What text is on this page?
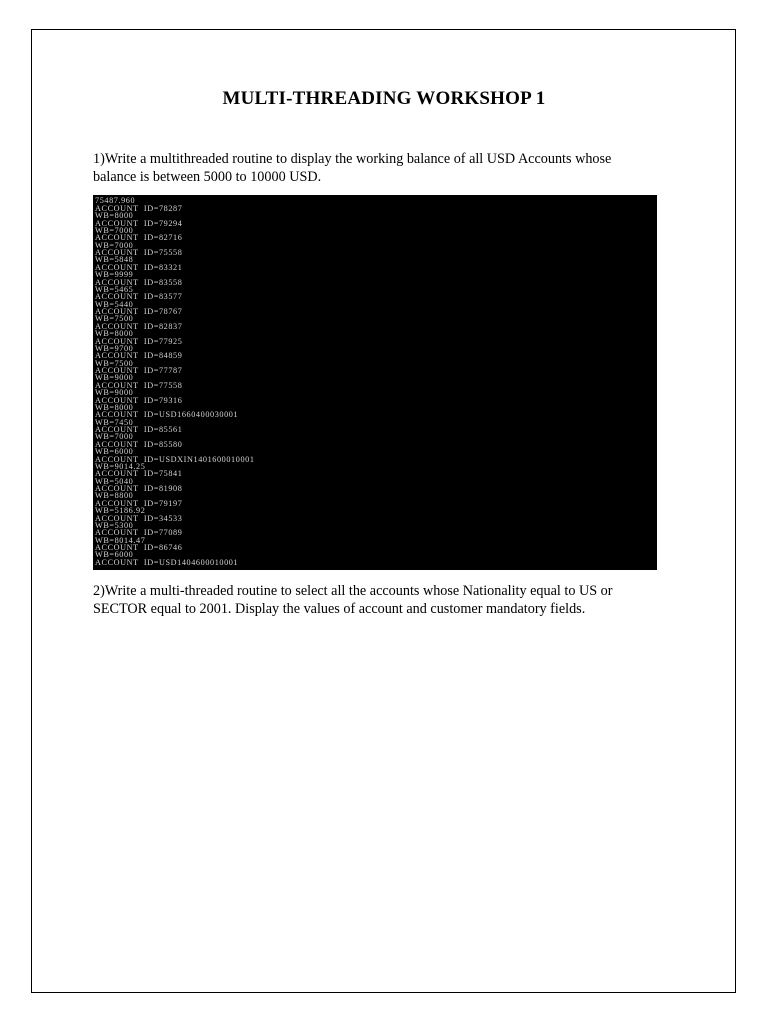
MULTI-THREADING WORKSHOP 1
1)Write a multithreaded routine to display the working balance of all USD Accounts whose
balance is between 5000 to 10000 USD.
75487.960
ACCOUNT  ID=78287
WB=8000
ACCOUNT  ID=79294
WB=7000
ACCOUNT  ID=82716
WB=7000
ACCOUNT  ID=75558
WB=5848
ACCOUNT  ID=83321
WB=9999
ACCOUNT  ID=83558
WB=5465
ACCOUNT  ID=83577
WB=5440
ACCOUNT  ID=78767
WB=7500
ACCOUNT  ID=82837
WB=8000
ACCOUNT  ID=77925
WB=9700
ACCOUNT  ID=84859
WB=7500
ACCOUNT  ID=77787
WB=9000
ACCOUNT  ID=77558
WB=9000
ACCOUNT  ID=79316
WB=8000
ACCOUNT  ID=USD1660400030001
WB=7450
ACCOUNT  ID=85561
WB=7000
ACCOUNT  ID=85580
WB=6000
ACCOUNT  ID=USDXIN1401600010001
WB=9014.25
ACCOUNT  ID=75841
WB=5040
ACCOUNT  ID=81908
WB=8800
ACCOUNT  ID=79197
WB=5186.92
ACCOUNT  ID=34533
WB=5300
ACCOUNT  ID=77089
WB=8014.47
ACCOUNT  ID=86746
WB=6000
ACCOUNT  ID=USD1404600010001
2)Write a multi-threaded routine to select all the accounts whose Nationality equal to US or
SECTOR equal to 2001. Display the values of account and customer mandatory fields.
